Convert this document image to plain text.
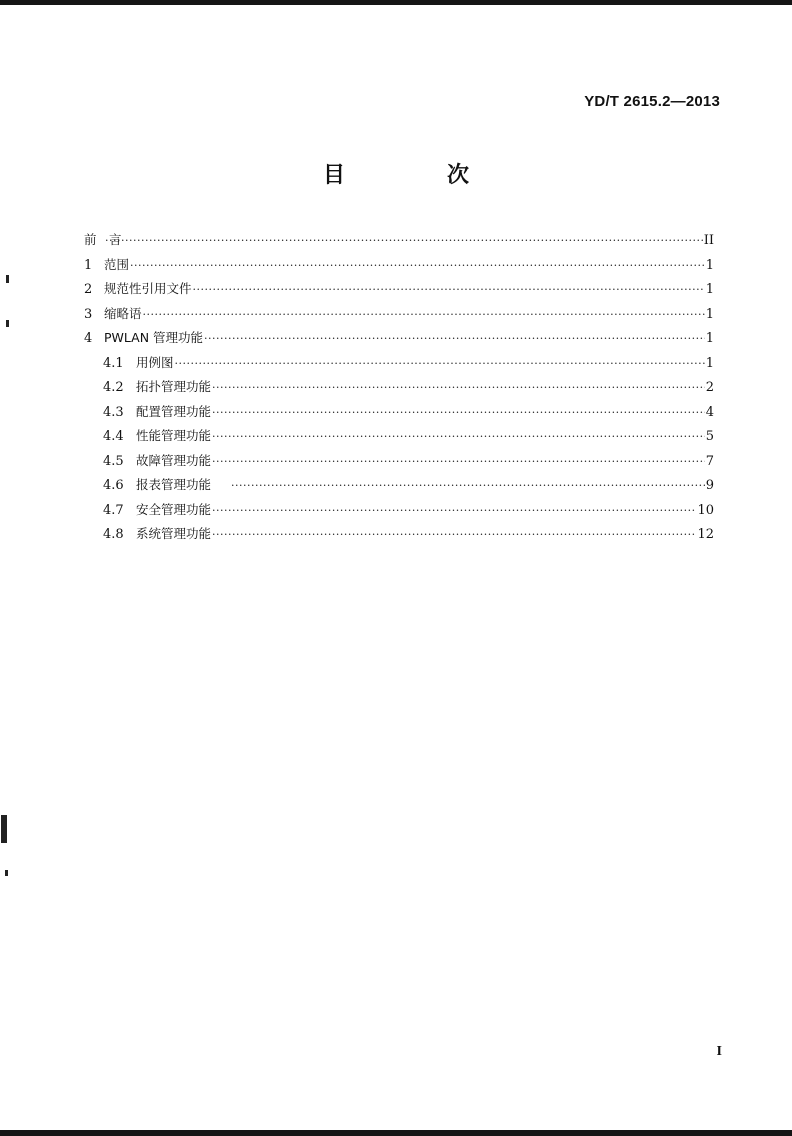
YD/T 2615.2—2013
目　次
前　言 ·····	II
1 范围 ·····	1
2 规范性引用文件 ·····	1
3 缩略语 ·····	1
4 PWLAN 管理功能 ·····	1
4.1 用例图 ·····	1
4.2 拓扑管理功能 ·····	2
4.3 配置管理功能 ·····	4
4.4 性能管理功能 ·····	5
4.5 故障管理功能 ·····	7
4.6 报表管理功能 ·····	9
4.7 安全管理功能 ·····	10
4.8 系统管理功能 ·····	12
I
